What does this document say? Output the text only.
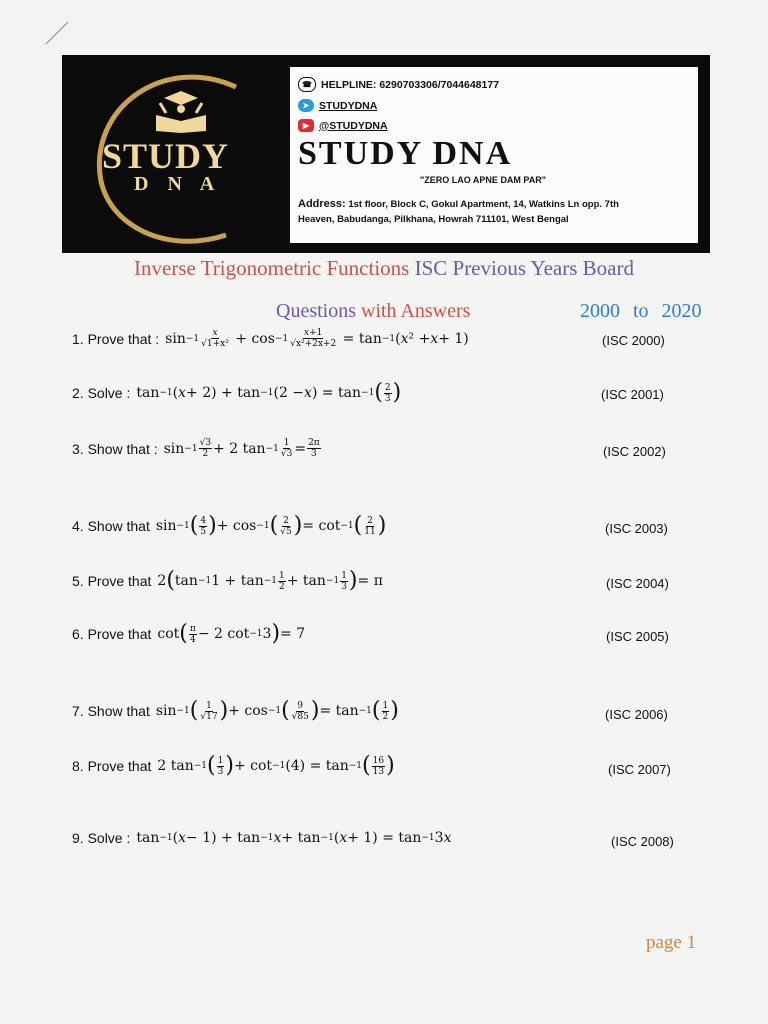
STUDY
D N A
☎ HELPLINE: 6290703306/7044648177
➤ STUDYDNA
▶ @STUDYDNA
STUDY DNA
"ZERO LAO APNE DAM PAR"
Address: 1st floor, Block C, Gokul Apartment, 14, Watkins Ln opp. 7th
Heaven, Babudanga, Pilkhana, Howrah 711101, West Bengal
Inverse Trigonometric Functions ISC Previous Years Board
Questions with Answers	2000 to 2020
1. Prove that : $\sin -1 \frac{x}{\text{√1+x²}} + \cos -1 \frac{x+1}{\text{√x²+2x+2}} = \tan -1$ ( x ² + x + 1)	(ISC 2000)
2. Solve : tan −1 ( x + 2) + tan −1 (2 − x ) = tan −1 ( $\frac{2}{3}$ )	(ISC 2001)
3. Show that : $\sin -1 \frac{√3}{2} + 2$ $\tan -1 \frac{1}{√3} = \frac{2\pi}{3}$	(ISC 2002)
4. Show that sin −1 ( $\frac{4}{5}$ ) + cos −1 ( $\frac{2}{√5}$ ) = cot −1 ( $\frac{2}{11}$ )	(ISC 2003)
5. Prove that 2 ( tan −1 $1 + \tan -1 \frac{1}{2} + \tan -1 \frac{1}{3}$ ) = π	(ISC 2004)
6. Prove that cot ( $\frac{\pi}{4} - 2$ cot −1 3 ) = 7	(ISC 2005)
7. Show that sin −1 ( $\frac{1}{√17}$ ) + cos −1 ( $\frac{9}{√85}$ ) = tan −1 ( $\frac{1}{2}$ )	(ISC 2006)
8. Prove that 2 tan −1 ( $\frac{1}{3}$ ) + cot −1 (4) = tan −1 ( $\frac{16}{13}$ )	(ISC 2007)
9. Solve : tan −1 ( x − 1) + tan −1 x + tan −1 ( x + 1) = tan −1 3 x	(ISC 2008)
page 1
